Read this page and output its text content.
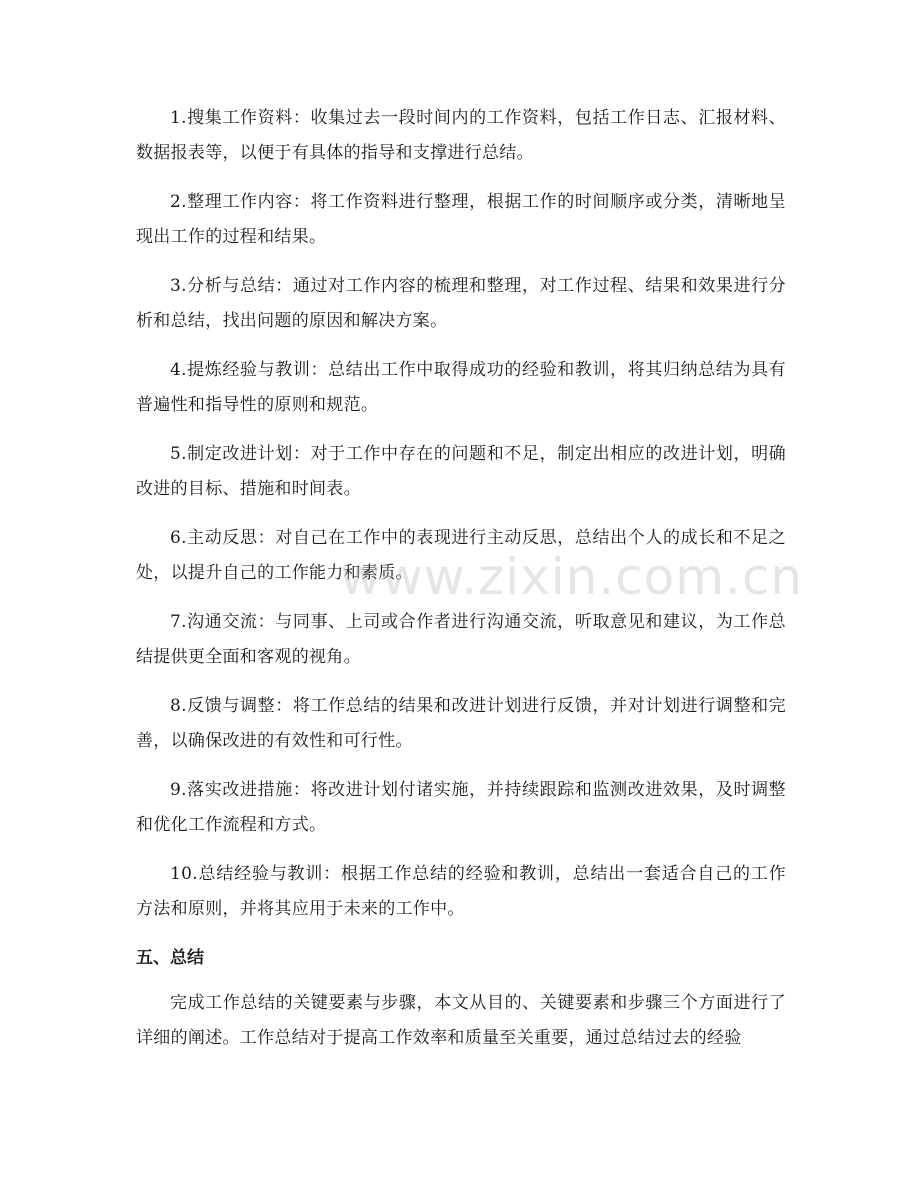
1.搜集工作资料：收集过去一段时间内的工作资料，包括工作日志、汇报材料、数据报表等，以便于有具体的指导和支撑进行总结。

2.整理工作内容：将工作资料进行整理，根据工作的时间顺序或分类，清晰地呈现出工作的过程和结果。

3.分析与总结：通过对工作内容的梳理和整理，对工作过程、结果和效果进行分析和总结，找出问题的原因和解决方案。

4.提炼经验与教训：总结出工作中取得成功的经验和教训，将其归纳总结为具有普遍性和指导性的原则和规范。

5.制定改进计划：对于工作中存在的问题和不足，制定出相应的改进计划，明确改进的目标、措施和时间表。

6.主动反思：对自己在工作中的表现进行主动反思，总结出个人的成长和不足之处，以提升自己的工作能力和素质。

7.沟通交流：与同事、上司或合作者进行沟通交流，听取意见和建议，为工作总结提供更全面和客观的视角。

8.反馈与调整：将工作总结的结果和改进计划进行反馈，并对计划进行调整和完善，以确保改进的有效性和可行性。

9.落实改进措施：将改进计划付诸实施，并持续跟踪和监测改进效果，及时调整和优化工作流程和方式。

10.总结经验与教训：根据工作总结的经验和教训，总结出一套适合自己的工作方法和原则，并将其应用于未来的工作中。

五、总结

完成工作总结的关键要素与步骤，本文从目的、关键要素和步骤三个方面进行了详细的阐述。工作总结对于提高工作效率和质量至关重要，通过总结过去的经验

www.zixin.com.cn
